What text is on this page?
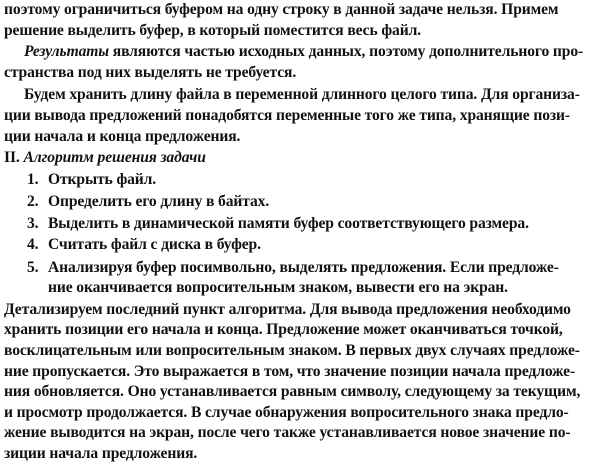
поэтому ограничиться буфером на одну строку в данной задаче нельзя. Примем
решение выделить буфер, в который поместится весь файл.
Результаты являются частью исходных данных, поэтому дополнительного про-
странства под них выделять не требуется.
Будем хранить длину файла в переменной длинного целого типа. Для организа-
ции вывода предложений понадобятся переменные того же типа, хранящие пози-
ции начала и конца предложения.
II. Алгоритм решения задачи
1. Открыть файл.
2. Определить его длину в байтах.
3. Выделить в динамической памяти буфер соответствующего размера.
4. Считать файл с диска в буфер.
5. Анализируя буфер посимвольно, выделять предложения. Если предложе-
ние оканчивается вопросительным знаком, вывести его на экран.
Детализируем последний пункт алгоритма. Для вывода предложения необходимо
хранить позиции его начала и конца. Предложение может оканчиваться точкой,
восклицательным или вопросительным знаком. В первых двух случаях предложе-
ние пропускается. Это выражается в том, что значение позиции начала предложе-
ния обновляется. Оно устанавливается равным символу, следующему за текущим,
и просмотр продолжается. В случае обнаружения вопросительного знака предло-
жение выводится на экран, после чего также устанавливается новое значение по-
зиции начала предложения.
